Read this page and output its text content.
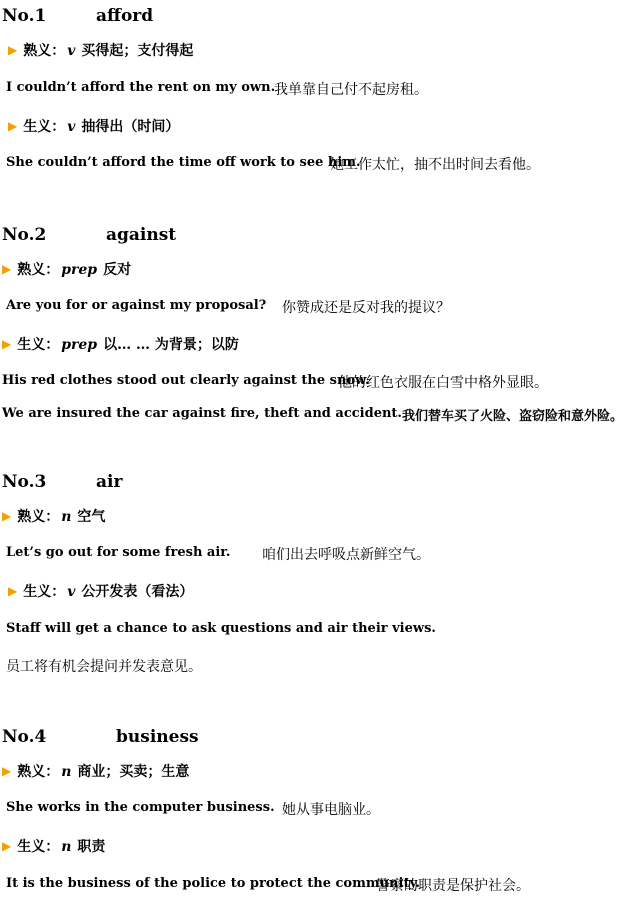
No.1	afford
▶ 熟义： v 买得起；支付得起
I couldn’t afford the rent on my own.
我单靠自己付不起房租。
▶ 生义： v 抽得出（时间）
She couldn’t afford the time off work to see him.
她工作太忙，抽不出时间去看他。
No.2	against
▶ 熟义： prep 反对
Are you for or against my proposal? 你赞成还是反对我的提议？
▶ 生义： prep 以… … 为背景；以防
His red clothes stood out clearly against the snow.
他的红色衣服在白雪中格外显眼。
We are insured the car against fire, theft and accident. 我们替车买了火险、盗窃险和意外险。
No.3	air
▶ 熟义： n 空气
Let’s go out for some fresh air. 咱们出去呼吸点新鲜空气。
▶ 生义： v 公开发表（看法）
Staff will get a chance to ask questions and air their views.
员工将有机会提问并发表意见。
No.4	business
▶ 熟义： n 商业；买卖；生意
She works in the computer business. 她从事电脑业。
▶ 生义： n 职责
It is the business of the police to protect the community.
警察的职责是保护社会。
